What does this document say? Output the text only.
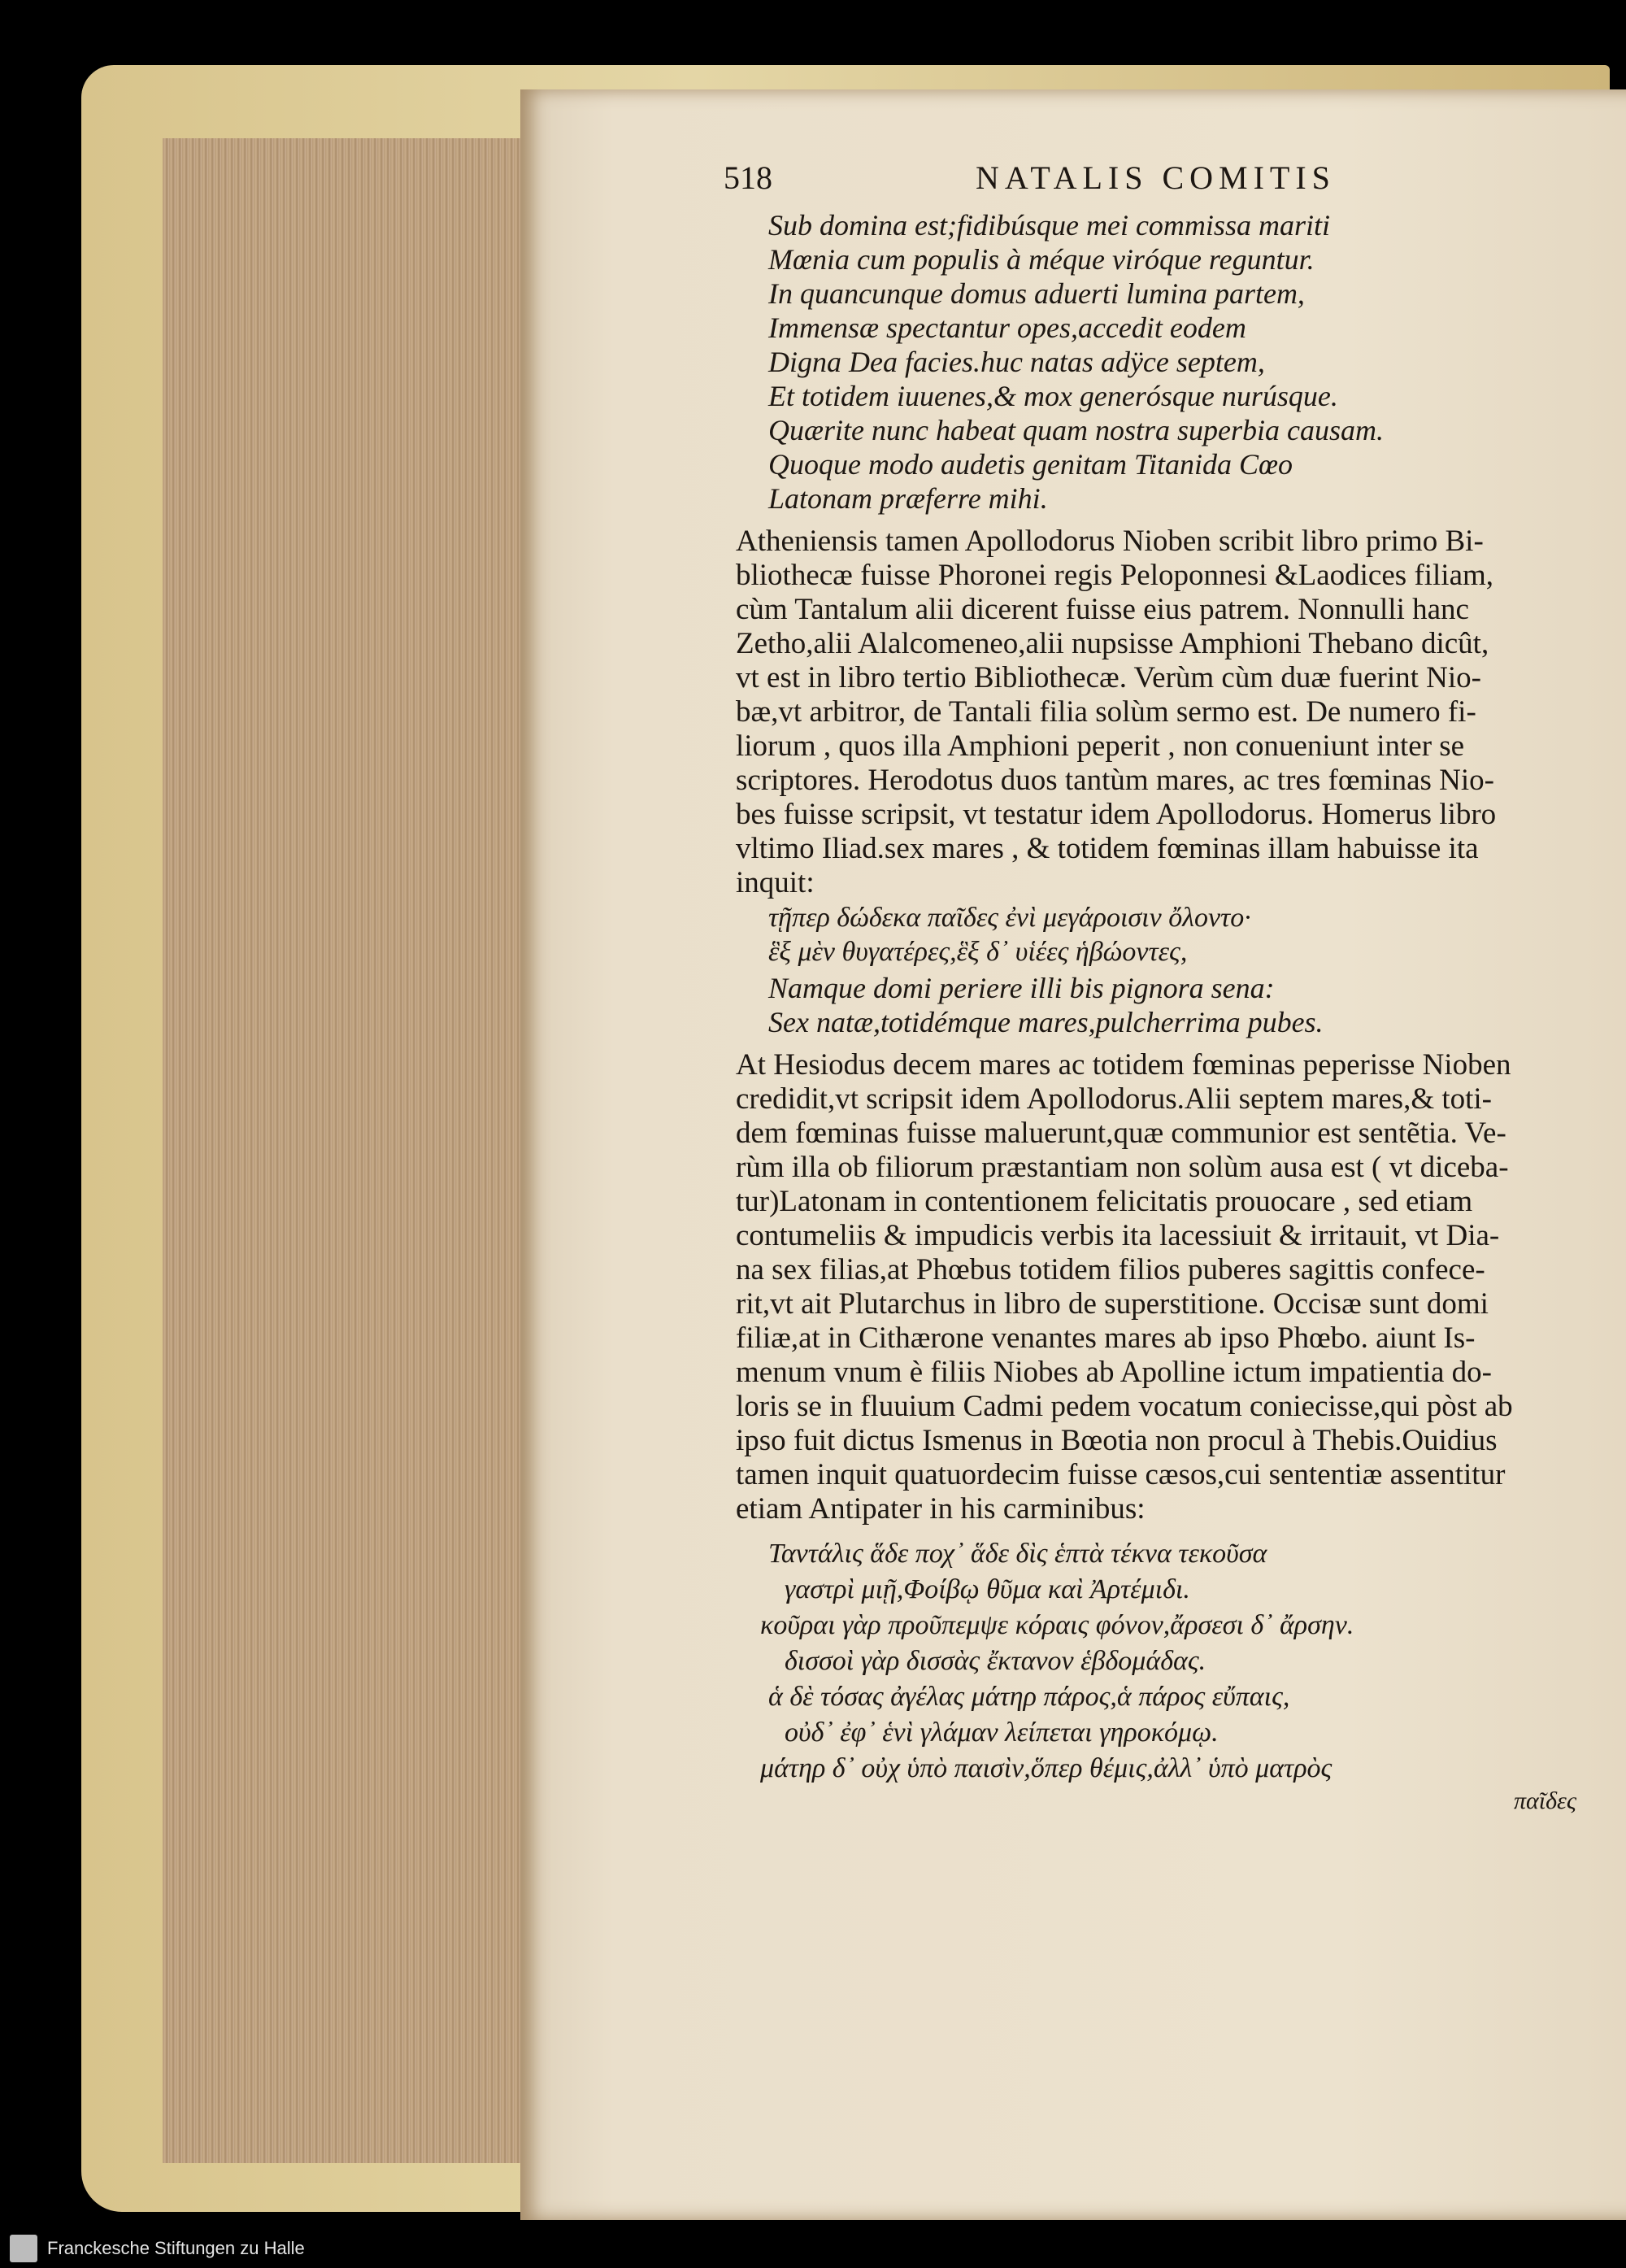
518	NATALIS COMITIS
Sub domina est;fidibúsque mei commissa mariti
Mœnia cum populis à méque viróque reguntur.
In quancunque domus aduerti lumina partem,
Immensæ spectantur opes,accedit eodem
Digna Dea facies.huc natas adÿce septem,
Et totidem iuuenes,& mox generósque nurúsque.
Quærite nunc habeat quam nostra superbia causam.
Quoque modo audetis genitam Titanida Cœo
Latonam præferre mihi.
Atheniensis tamen Apollodorus Nioben scribit libro primo Bi-
bliothecæ fuisse Phoronei regis Peloponnesi &Laodices filiam,
cùm Tantalum alii dicerent fuisse eius patrem. Nonnulli hanc
Zetho,alii Alalcomeneo,alii nupsisse Amphioni Thebano dicût,
vt est in libro tertio Bibliothecæ. Verùm cùm duæ fuerint Nio-
bæ,vt arbitror, de Tantali filia solùm sermo est. De numero fi-
liorum , quos illa Amphioni peperit , non conueniunt inter se
scriptores. Herodotus duos tantùm mares, ac tres fœminas Nio-
bes fuisse scripsit, vt testatur idem Apollodorus. Homerus libro
vltimo Iliad.sex mares , & totidem fœminas illam habuisse ita
inquit:
τῇπερ δώδεκα παῖδες ἐνὶ μεγάροισιν ὄλοντο·
ἓξ μὲν θυγατέρες,ἓξ δ᾽ υἱέες ἡβώοντες,
Namque domi periere illi bis pignora sena:
Sex natæ,totidémque mares,pulcherrima pubes.
At Hesiodus decem mares ac totidem fœminas peperisse Nioben
credidit,vt scripsit idem Apollodorus.Alii septem mares,& toti-
dem fœminas fuisse maluerunt,quæ communior est sentẽtia. Ve-
rùm illa ob filiorum præstantiam non solùm ausa est ( vt diceba-
tur)Latonam in contentionem felicitatis prouocare , sed etiam
contumeliis & impudicis verbis ita lacessiuit & irritauit, vt Dia-
na sex filias,at Phœbus totidem filios puberes sagittis confece-
rit,vt ait Plutarchus in libro de superstitione. Occisæ sunt domi
filiæ,at in Cithærone venantes mares ab ipso Phœbo. aiunt Is-
menum vnum è filiis Niobes ab Apolline ictum impatientia do-
loris se in fluuium Cadmi pedem vocatum coniecisse,qui pòst ab
ipso fuit dictus Ismenus in Bœotia non procul à Thebis.Ouidius
tamen inquit quatuordecim fuisse cæsos,cui sententiæ assentitur
etiam Antipater in his carminibus:
Ταντάλις ἅδε ποχ᾽ ἅδε δὶς ἑπτὰ τέκνα τεκοῦσα
γαστρὶ μιῇ,Φοίβῳ θῦμα καὶ Ἀρτέμιδι.
κοῦραι γὰρ προῦπεμψε κόραις φόνον,ἄρσεσι δ᾽ ἄρσην.
δισσοὶ γὰρ δισσὰς ἔκτανον ἑβδομάδας.
ἁ δὲ τόσας ἀγέλας μάτηρ πάρος,ἁ πάρος εὔπαις,
οὐδ᾽ ἐφ᾽ ἑνὶ γλάμαν λείπεται γηροκόμῳ.
μάτηρ δ᾽ οὐχ ὑπὸ παισὶν,ὅπερ θέμις,ἀλλ᾽ ὑπὸ ματρὸς
παῖδες
Franckesche Stiftungen zu Halle
